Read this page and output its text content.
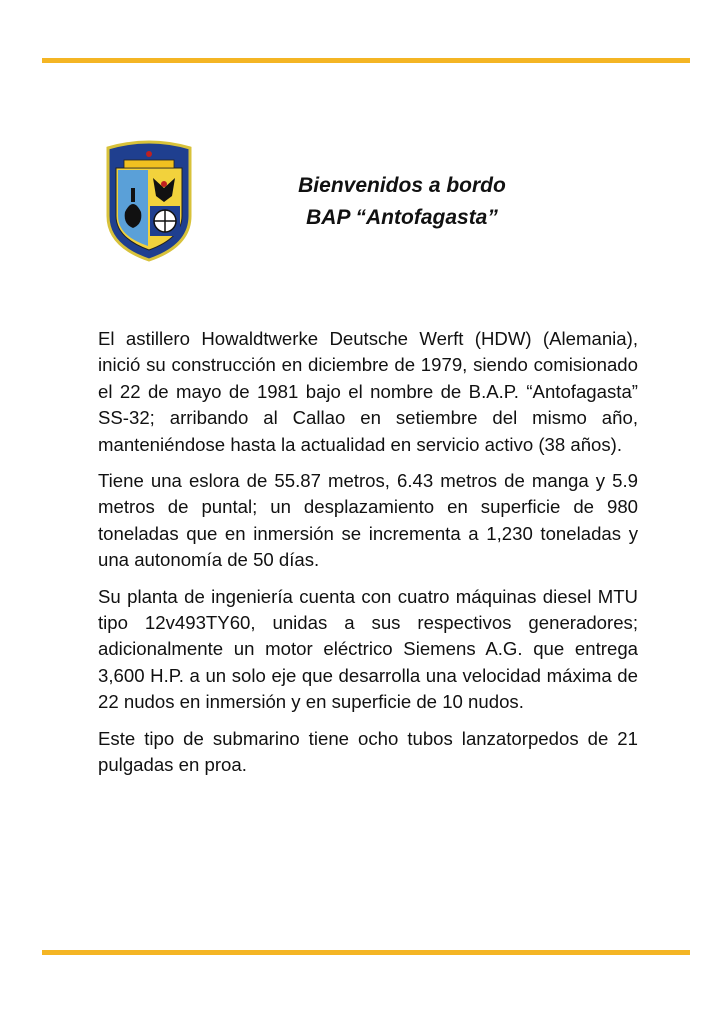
Bienvenidos a bordo
BAP “Antofagasta”

El astillero Howaldtwerke Deutsche Werft (HDW) (Alemania), inició su construcción en diciembre de 1979, siendo comisionado el 22 de mayo de 1981 bajo el nombre de B.A.P. “Antofagasta” SS-32; arribando al Callao en setiembre del mismo año, manteniéndose hasta la actualidad en servicio activo (38 años).

Tiene una eslora de 55.87 metros, 6.43 metros de manga y 5.9 metros de puntal; un desplazamiento en superficie de 980 toneladas que en inmersión se incrementa a 1,230 toneladas y una autonomía de 50 días.

Su planta de ingeniería cuenta con cuatro máquinas diesel MTU tipo 12v493TY60, unidas a sus respectivos generadores; adicionalmente un motor eléctrico Siemens A.G. que entrega 3,600 H.P. a un solo eje que desarrolla una velocidad máxima de 22 nudos en inmersión y en superficie de 10 nudos.

Este tipo de submarino tiene ocho tubos lanzatorpedos de 21 pulgadas en proa.
